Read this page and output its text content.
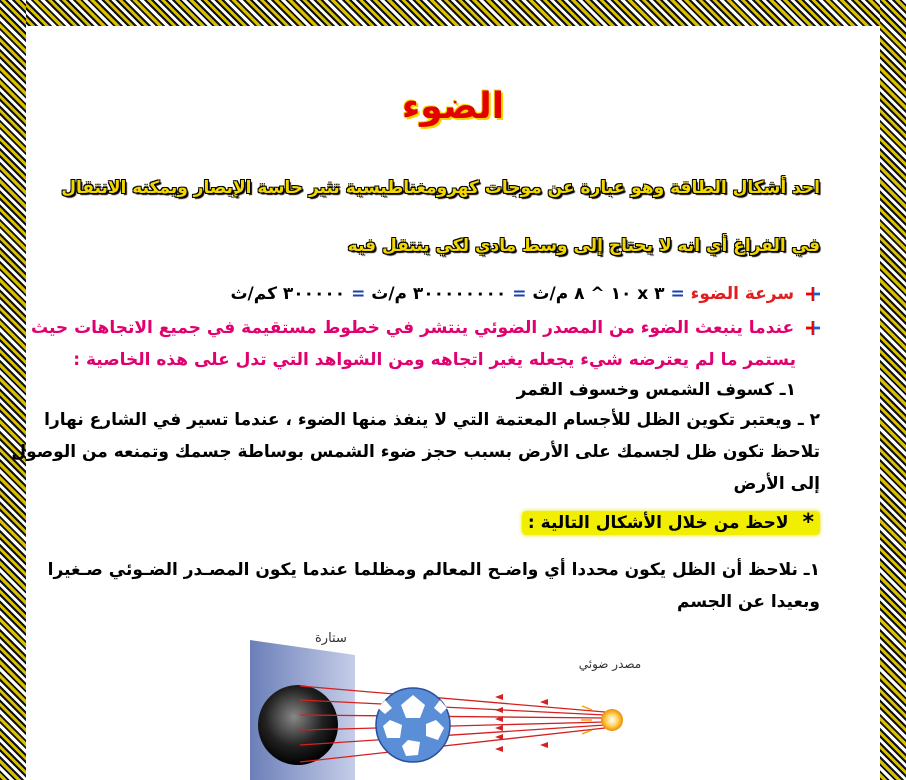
الضوء
احد أشكال الطاقة وهو عبارة عن موجات كهرومغناطيسية تثير حاسة الإبصار ويمكنه الانتقال
في الفراغ أي انه لا يحتاج إلى وسط مادي لكي ينتقل فيه
سرعة الضوء = ٣ x ١٠ ^ ٨ م/ث = ٣٠٠٠٠٠٠٠٠ م/ث = ٣٠٠٠٠٠ كم/ث
عندما ينبعث الضوء من المصدر الضوئي ينتشر في خطوط مستقيمة في جميع الاتجاهات حيث
يستمر ما لم يعترضه شيء يجعله يغير اتجاهه ومن الشواهد التي تدل على هذه الخاصية :
١ـ كسوف الشمس وخسوف القمر
٢ ـ ويعتبر تكوين الظل للأجسام المعتمة التي لا ينفذ منها الضوء ، عندما تسير في الشارع نهارا
تلاحظ تكون ظل لجسمك على الأرض بسبب حجز ضوء الشمس بوساطة جسمك وتمنعه من الوصول
إلى الأرض
* لاحظ من خلال الأشكال التالية :
١ـ نلاحظ أن الظل يكون محددا أي واضـح المعالم ومظلما عندما يكون المصـدر الضـوئي صـغيرا
وبعيدا عن الجسم
ستارة
مصدر ضوئي
